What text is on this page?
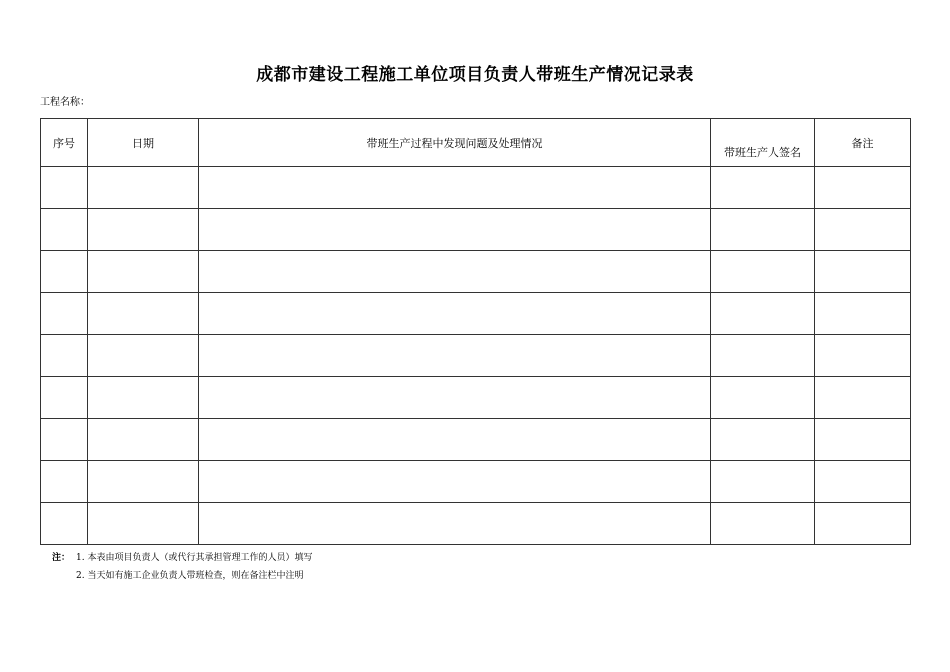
成都市建设工程施工单位项目负责人带班生产情况记录表
工程名称：
序号	日期	带班生产过程中发现问题及处理情况	带班生产人签名	备注

注： 1. 本表由项目负责人（或代行其承担管理工作的人员）填写
2. 当天如有施工企业负责人带班检查，则在备注栏中注明
